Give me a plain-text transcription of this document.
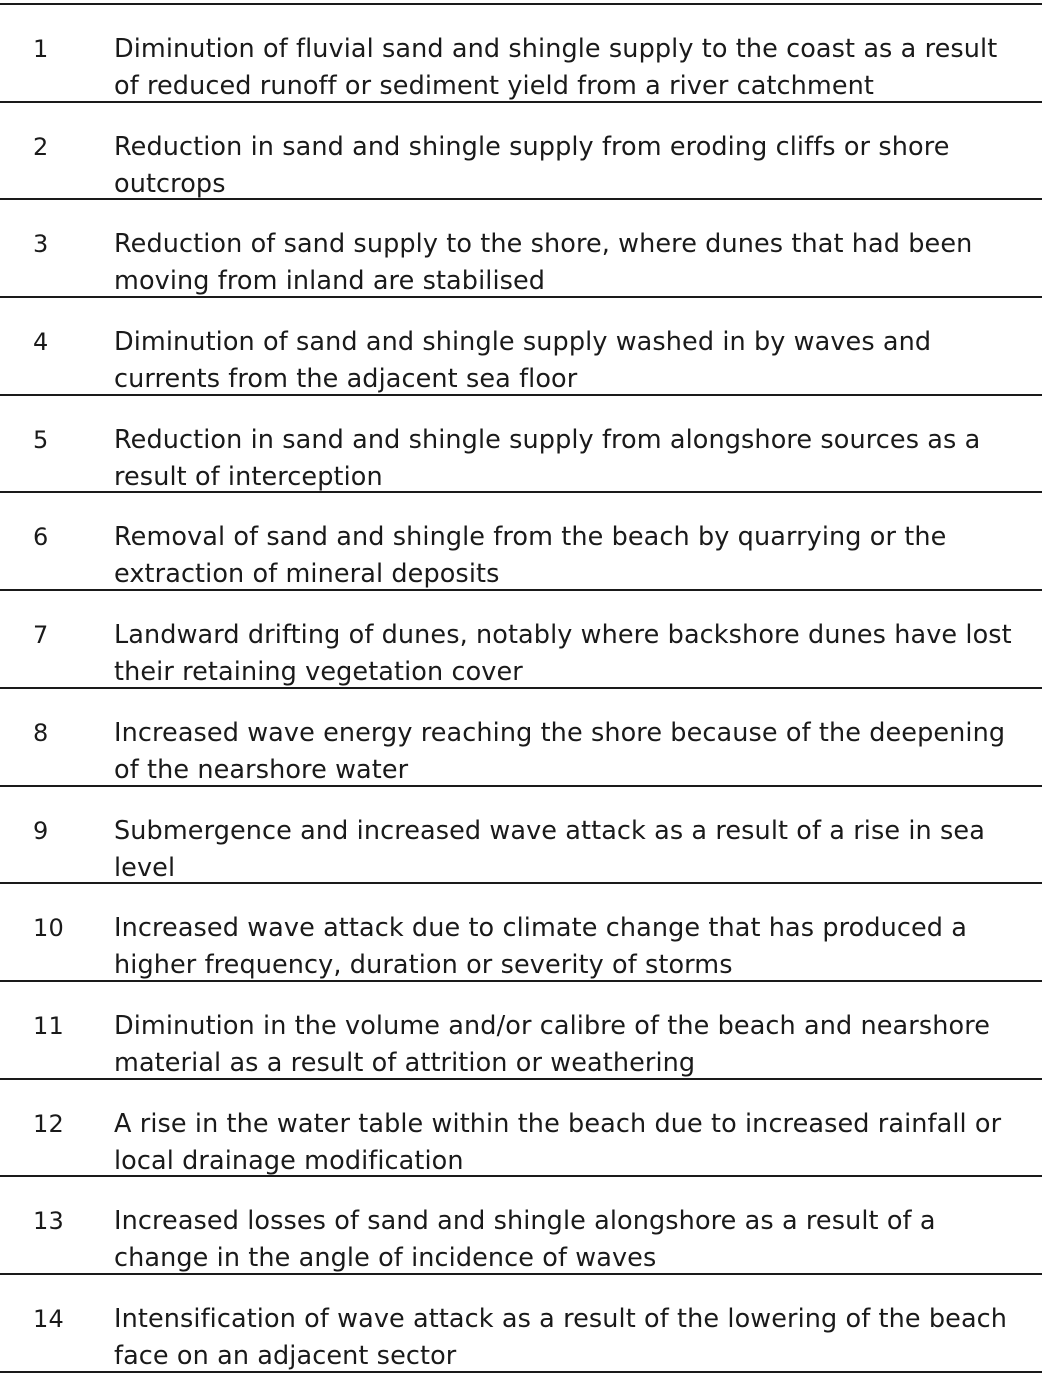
1	Diminution of fluvial sand and shingle supply to the coast as a result of reduced runoff or sediment yield from a river catchment
2	Reduction in sand and shingle supply from eroding cliffs or shore outcrops
3	Reduction of sand supply to the shore, where dunes that had been moving from inland are stabilised
4	Diminution of sand and shingle supply washed in by waves and currents from the adjacent sea floor
5	Reduction in sand and shingle supply from alongshore sources as a result of interception
6	Removal of sand and shingle from the beach by quarrying or the extraction of mineral deposits
7	Landward drifting of dunes, notably where backshore dunes have lost their retaining vegetation cover
8	Increased wave energy reaching the shore because of the deepening of the nearshore water
9	Submergence and increased wave attack as a result of a rise in sea level
10 Increased wave attack due to climate change that has produced a higher frequency, duration or severity of storms
11 Diminution in the volume and/or calibre of the beach and nearshore material as a result of attrition or weathering
12 A rise in the water table within the beach due to increased rainfall or local drainage modification
13 Increased losses of sand and shingle alongshore as a result of a change in the angle of incidence of waves
14 Intensification of wave attack as a result of the lowering of the beach face on an adjacent sector
